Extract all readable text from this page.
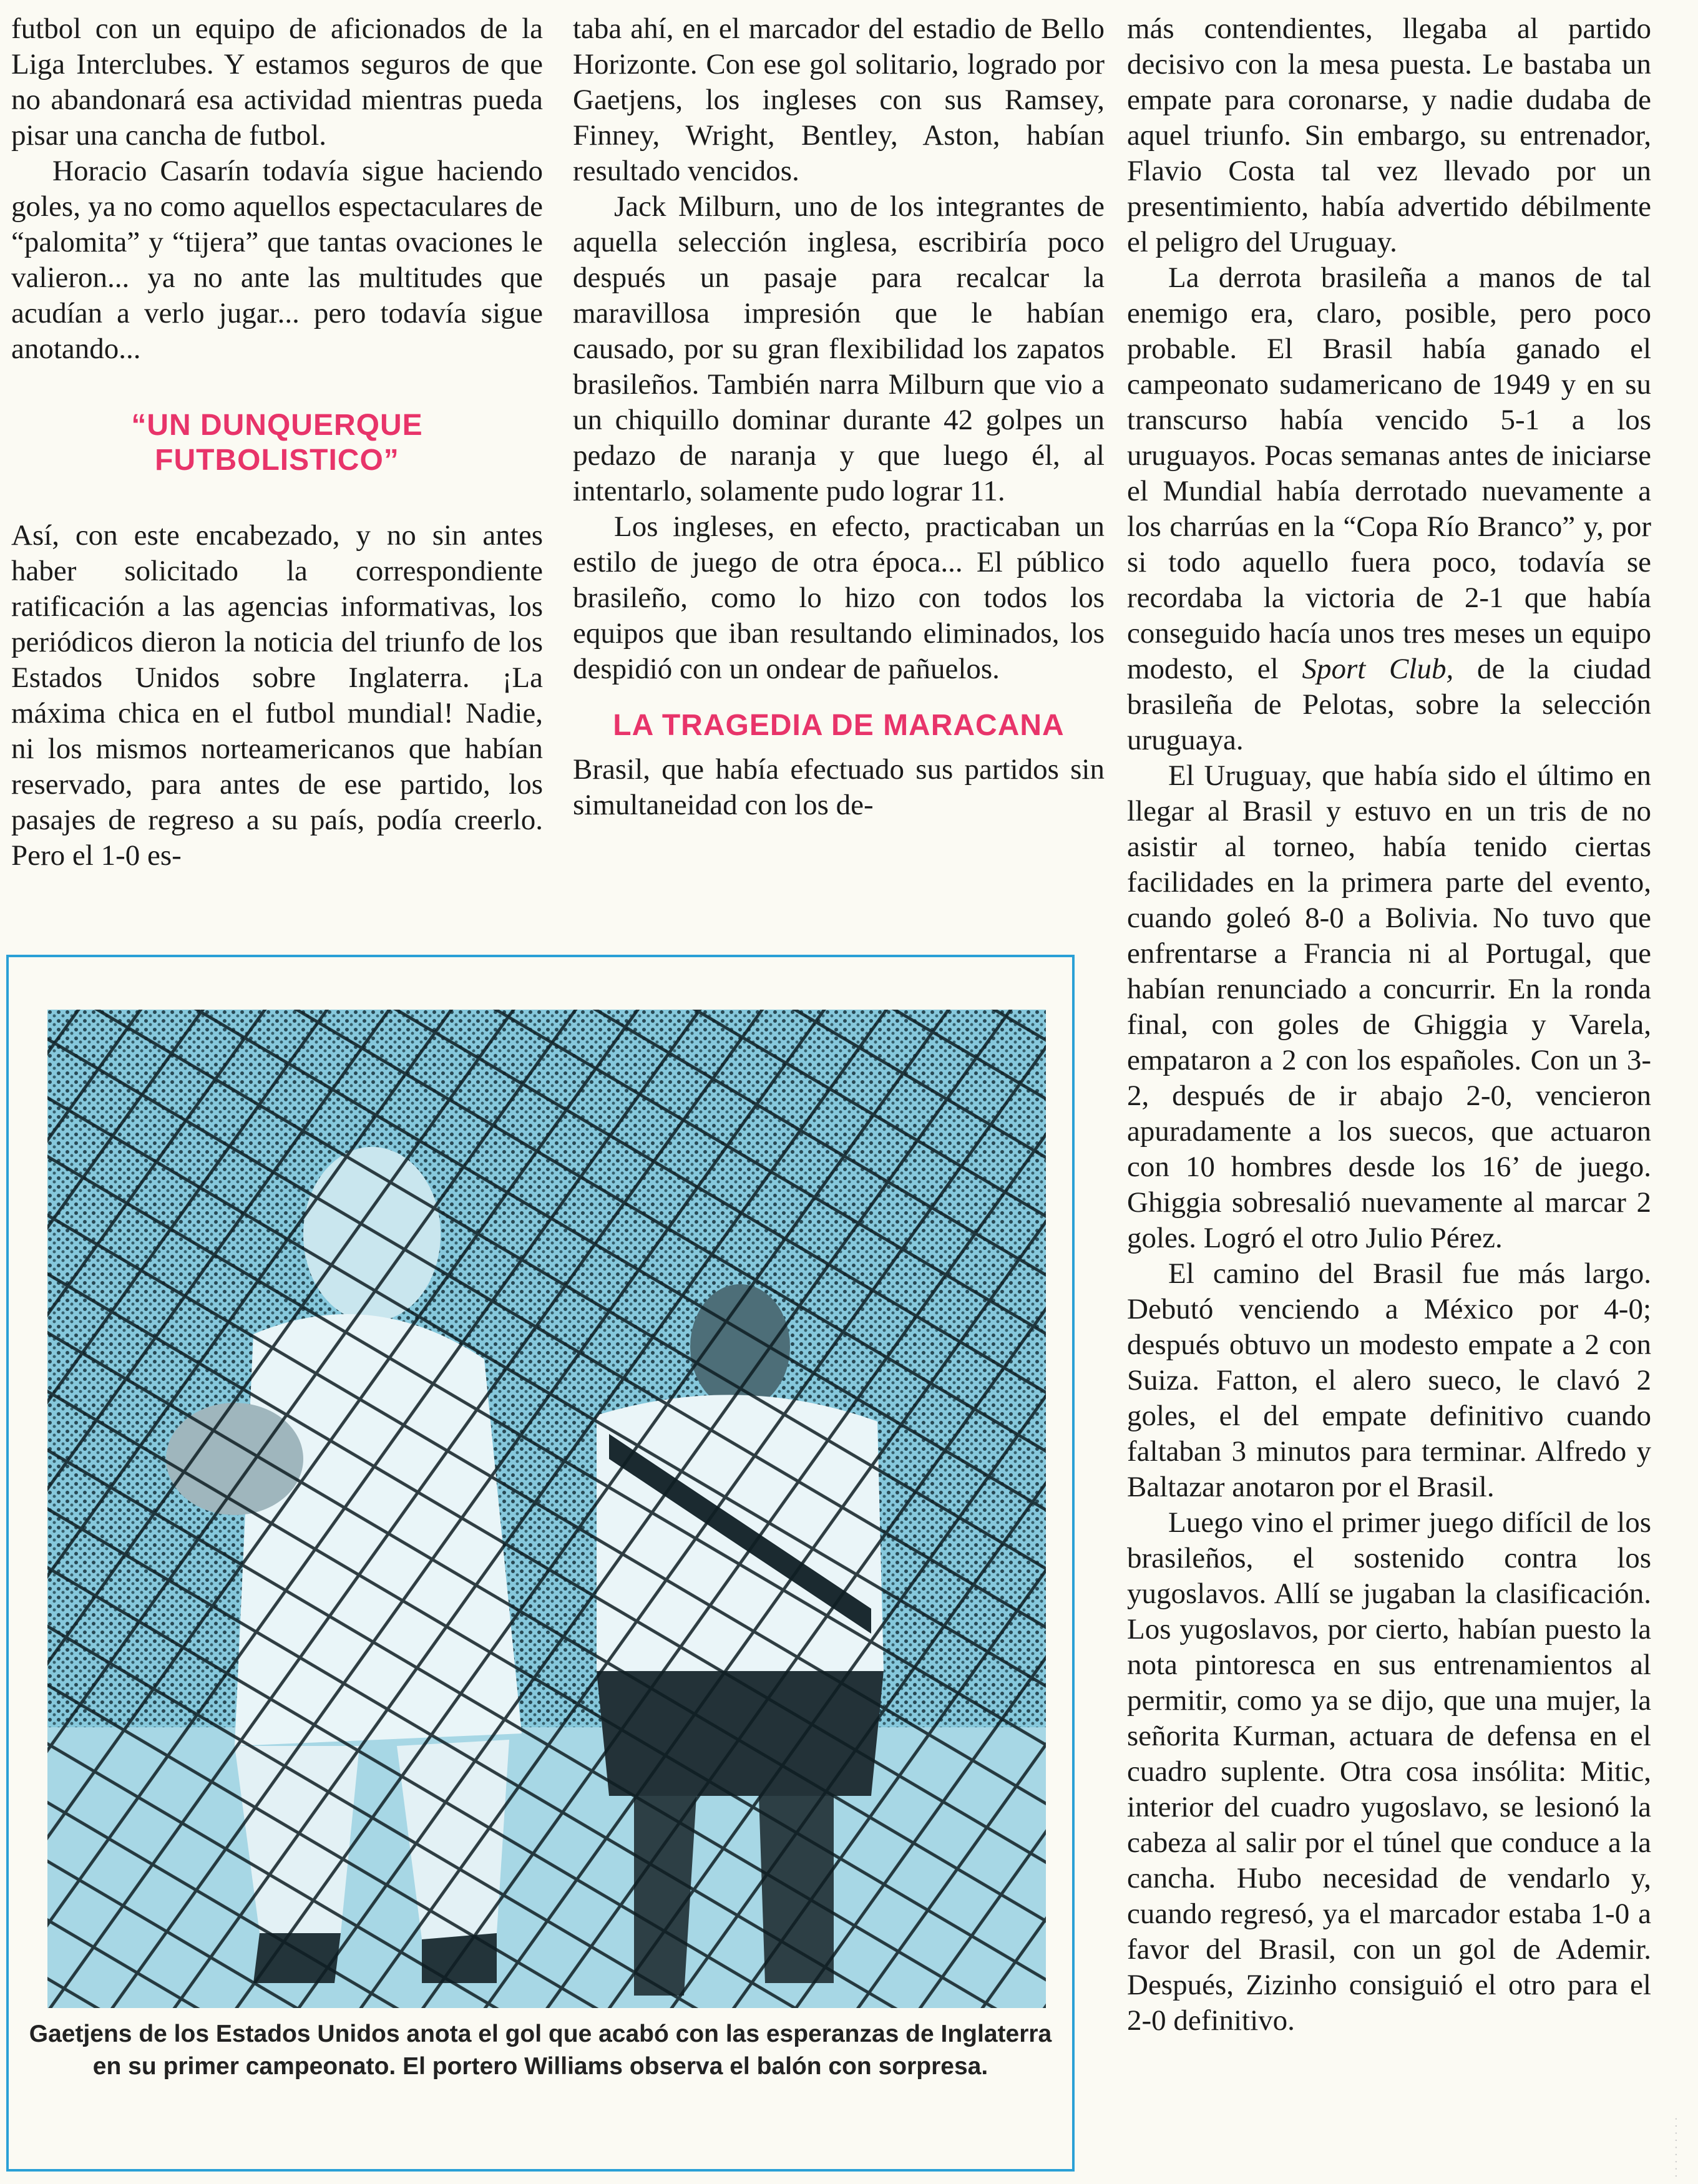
futbol con un equipo de aficionados de la Liga Interclubes. Y estamos seguros de que no abandonará esa actividad mientras pueda pisar una cancha de futbol.

Horacio Casarín todavía sigue haciendo goles, ya no como aquellos espectaculares de “palomita” y “tijera” que tantas ovaciones le valieron... ya no ante las multitudes que acudían a verlo jugar... pero todavía sigue anotando...

“UN DUNQUERQUE FUTBOLISTICO”

Así, con este encabezado, y no sin antes haber solicitado la correspondiente ratificación a las agencias informativas, los periódicos dieron la noticia del triunfo de los Estados Unidos sobre Inglaterra. ¡La máxima chica en el futbol mundial! Nadie, ni los mismos norteamericanos que habían reservado, para antes de ese partido, los pasajes de regreso a su país, podía creerlo. Pero el 1-0 es-

taba ahí, en el marcador del estadio de Bello Horizonte. Con ese gol solitario, logrado por Gaetjens, los ingleses con sus Ramsey, Finney, Wright, Bentley, Aston, habían resultado vencidos.

Jack Milburn, uno de los integrantes de aquella selección inglesa, escribiría poco después un pasaje para recalcar la maravillosa impresión que le habían causado, por su gran flexibilidad los zapatos brasileños. También narra Milburn que vio a un chiquillo dominar durante 42 golpes un pedazo de naranja y que luego él, al intentarlo, solamente pudo lograr 11.

Los ingleses, en efecto, practicaban un estilo de juego de otra época... El público brasileño, como lo hizo con todos los equipos que iban resultando eliminados, los despidió con un ondear de pañuelos.

LA TRAGEDIA DE MARACANA

Brasil, que había efectuado sus partidos sin simultaneidad con los de-

más contendientes, llegaba al partido decisivo con la mesa puesta. Le bastaba un empate para coronarse, y nadie dudaba de aquel triunfo. Sin embargo, su entrenador, Flavio Costa tal vez llevado por un presentimiento, había advertido débilmente el peligro del Uruguay.

La derrota brasileña a manos de tal enemigo era, claro, posible, pero poco probable. El Brasil había ganado el campeonato sudamericano de 1949 y en su transcurso había vencido 5-1 a los uruguayos. Pocas semanas antes de iniciarse el Mundial había derrotado nuevamente a los charrúas en la “Copa Río Branco” y, por si todo aquello fuera poco, todavía se recordaba la victoria de 2-1 que había conseguido hacía unos tres meses un equipo modesto, el Sport Club, de la ciudad brasileña de Pelotas, sobre la selección uruguaya.

El Uruguay, que había sido el último en llegar al Brasil y estuvo en un tris de no asistir al torneo, había tenido ciertas facilidades en la primera parte del evento, cuando goleó 8-0 a Bolivia. No tuvo que enfrentarse a Francia ni al Portugal, que habían renunciado a concurrir. En la ronda final, con goles de Ghiggia y Varela, empataron a 2 con los españoles. Con un 3-2, después de ir abajo 2-0, vencieron apuradamente a los suecos, que actuaron con 10 hombres desde los 16’ de juego. Ghiggia sobresalió nuevamente al marcar 2 goles. Logró el otro Julio Pérez.

El camino del Brasil fue más largo. Debutó venciendo a México por 4-0; después obtuvo un modesto empate a 2 con Suiza. Fatton, el alero sueco, le clavó 2 goles, el del empate definitivo cuando faltaban 3 minutos para terminar. Alfredo y Baltazar anotaron por el Brasil.

Luego vino el primer juego difícil de los brasileños, el sostenido contra los yugoslavos. Allí se jugaban la clasificación. Los yugoslavos, por cierto, habían puesto la nota pintoresca en sus entrenamientos al permitir, como ya se dijo, que una mujer, la señorita Kurman, actuara de defensa en el cuadro suplente. Otra cosa insólita: Mitic, interior del cuadro yugoslavo, se lesionó la cabeza al salir por el túnel que conduce a la cancha. Hubo necesidad de vendarlo y, cuando regresó, ya el marcador estaba 1-0 a favor del Brasil, con un gol de Ademir. Después, Zizinho consiguió el otro para el 2-0 definitivo.

Gaetjens de los Estados Unidos anota el gol que acabó con las esperanzas de Inglaterra en su primer campeonato. El portero Williams observa el balón con sorpresa.
· · · · · · · · ·
